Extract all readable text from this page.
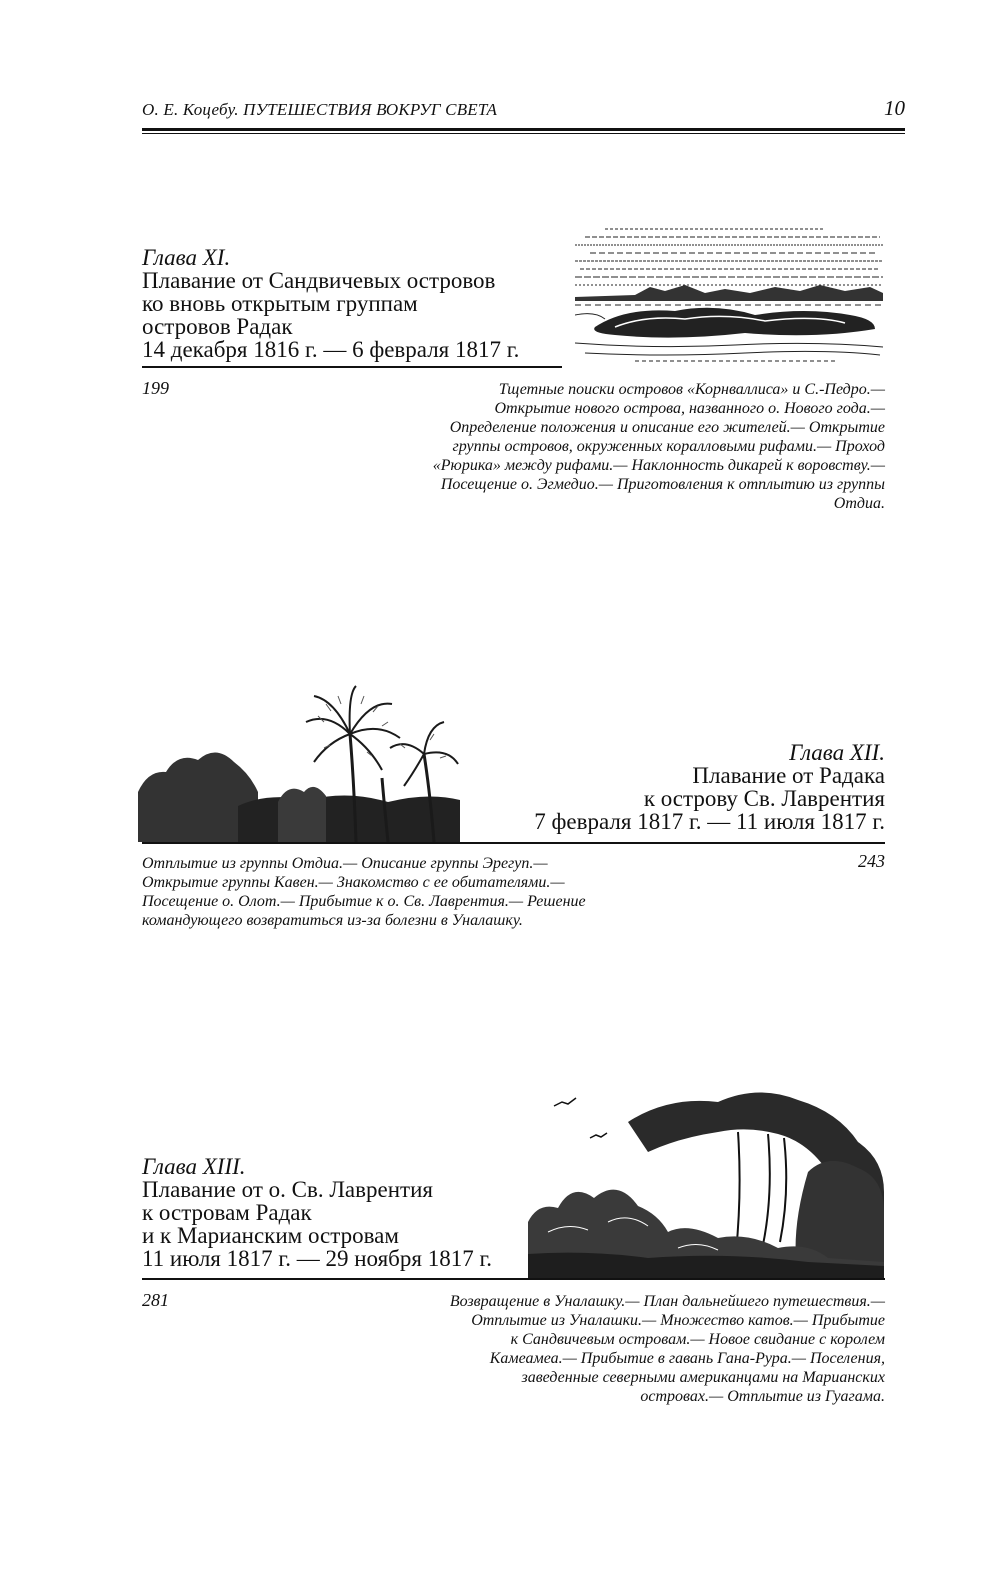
О. Е. Коцебу. ПУТЕШЕСТВИЯ ВОКРУГ СВЕТА	10
Глава XI.
Плавание от Сандвичевых островов
ко вновь открытым группам
островов Радак
14 декабря 1816 г. — 6 февраля 1817 г.
199	Тщетные поиски островов «Корнваллиса» и С.-Педро.—
Открытие нового острова, названного о. Нового года.—
Определение положения и описание его жителей.— Открытие
группы островов, окруженных коралловыми рифами.— Проход
«Рюрика» между рифами.— Наклонность дикарей к воровству.—
Посещение о. Эгмедио.— Приготовления к отплытию из группы
Отдиа.
Глава XII.
Плавание от Радака
к острову Св. Лаврентия
7 февраля 1817 г. — 11 июля 1817 г.
243
Отплытие из группы Отдиа.— Описание группы Эрегуп.—
Открытие группы Кавен.— Знакомство с ее обитателями.—
Посещение о. Олот.— Прибытие к о. Св. Лаврентия.— Решение
командующего возвратиться из-за болезни в Уналашку.
Глава XIII.
Плавание от о. Св. Лаврентия
к островам Радак
и к Марианским островам
11 июля 1817 г. — 29 ноября 1817 г.
281	Возвращение в Уналашку.— План дальнейшего путешествия.—
Отплытие из Уналашки.— Множество катов.— Прибытие
к Сандвичевым островам.— Новое свидание с королем
Камеамеа.— Прибытие в гавань Гана-Рура.— Поселения,
заведенные северными американцами на Марианских
островах.— Отплытие из Гуагама.
